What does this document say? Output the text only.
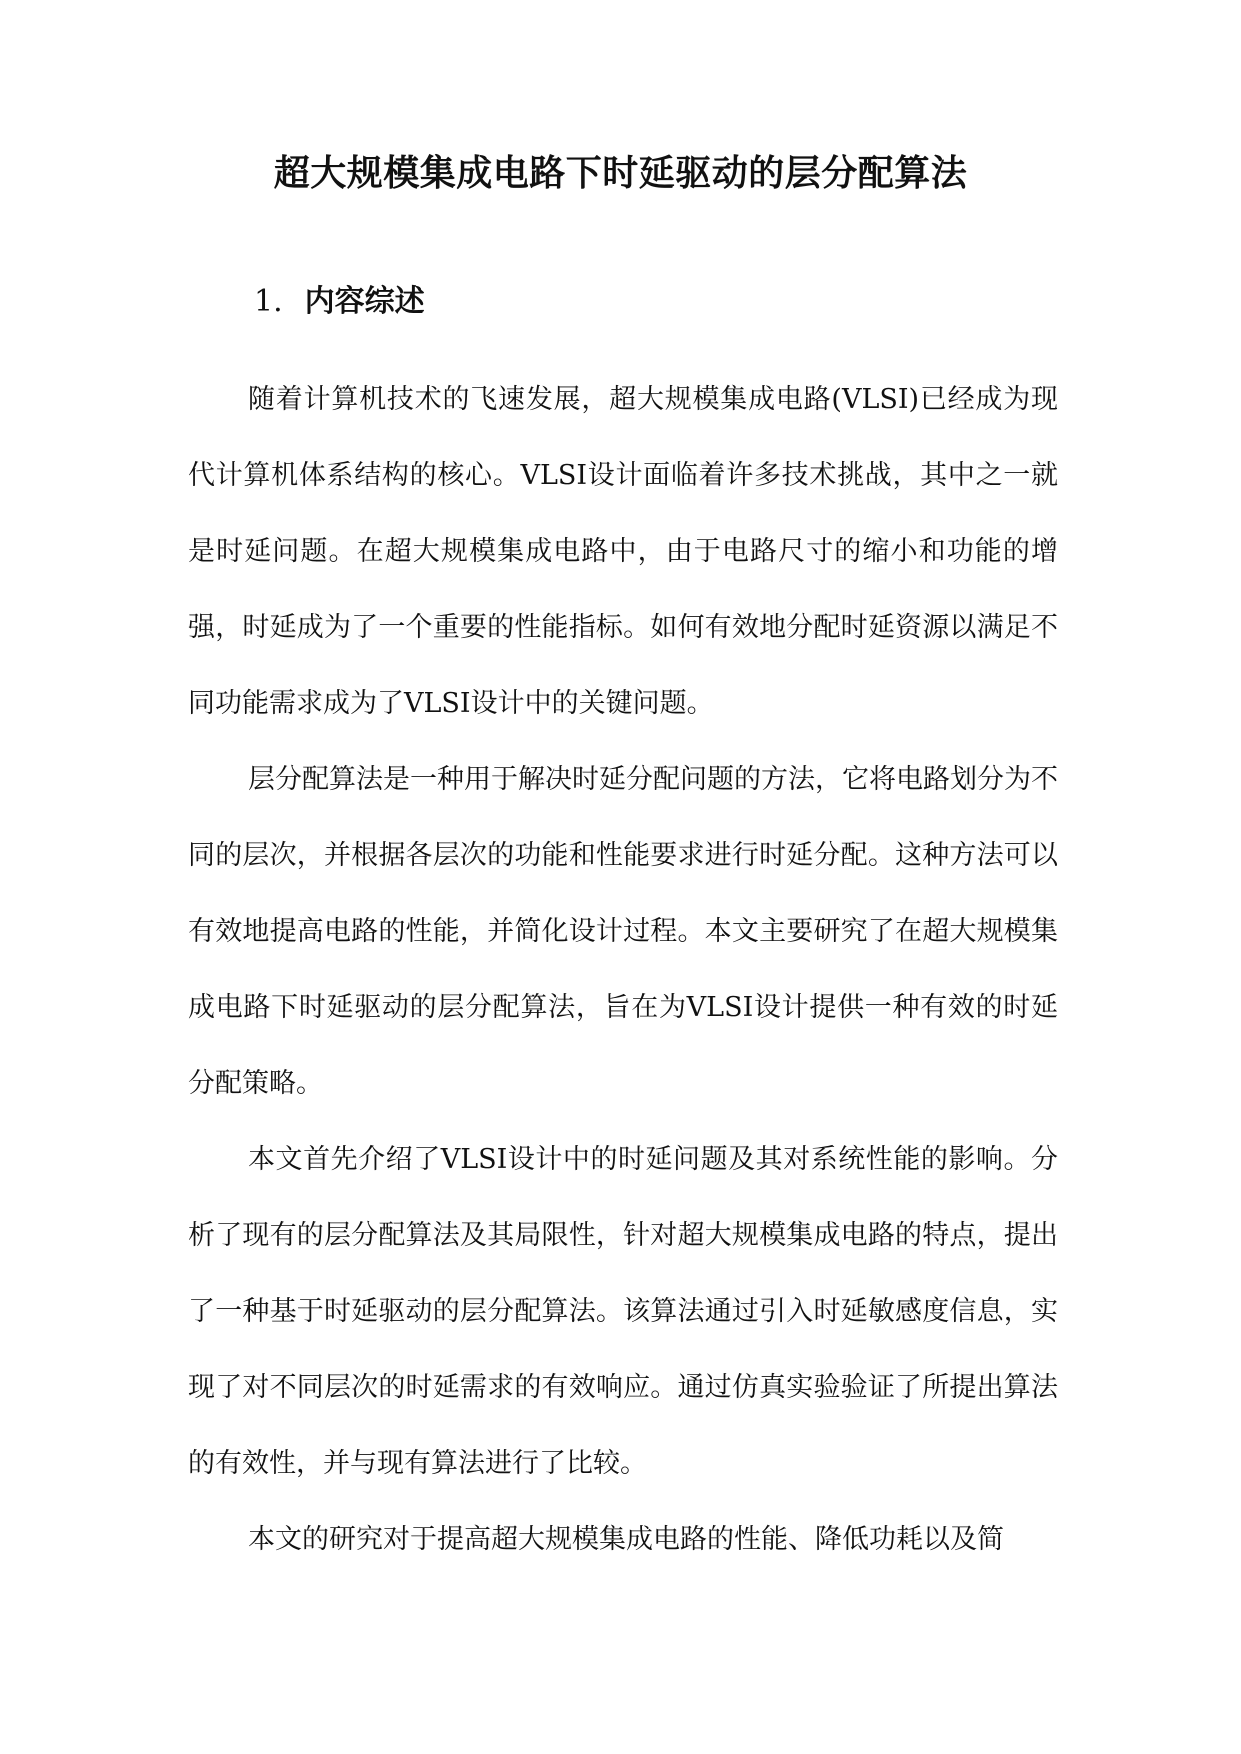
超大规模集成电路下时延驱动的层分配算法
1. 内容综述

随着计算机技术的飞速发展，超大规模集成电路(VLSI)已经成为现代计算机体系结构的核心。VLSI设计面临着许多技术挑战，其中之一就是时延问题。在超大规模集成电路中，由于电路尺寸的缩小和功能的增强，时延成为了一个重要的性能指标。如何有效地分配时延资源以满足不同功能需求成为了VLSI设计中的关键问题。

层分配算法是一种用于解决时延分配问题的方法，它将电路划分为不同的层次，并根据各层次的功能和性能要求进行时延分配。这种方法可以有效地提高电路的性能，并简化设计过程。本文主要研究了在超大规模集成电路下时延驱动的层分配算法，旨在为VLSI设计提供一种有效的时延分配策略。

本文首先介绍了VLSI设计中的时延问题及其对系统性能的影响。分析了现有的层分配算法及其局限性，针对超大规模集成电路的特点，提出了一种基于时延驱动的层分配算法。该算法通过引入时延敏感度信息，实现了对不同层次的时延需求的有效响应。通过仿真实验验证了所提出算法的有效性，并与现有算法进行了比较。

本文的研究对于提高超大规模集成电路的性能、降低功耗以及简
